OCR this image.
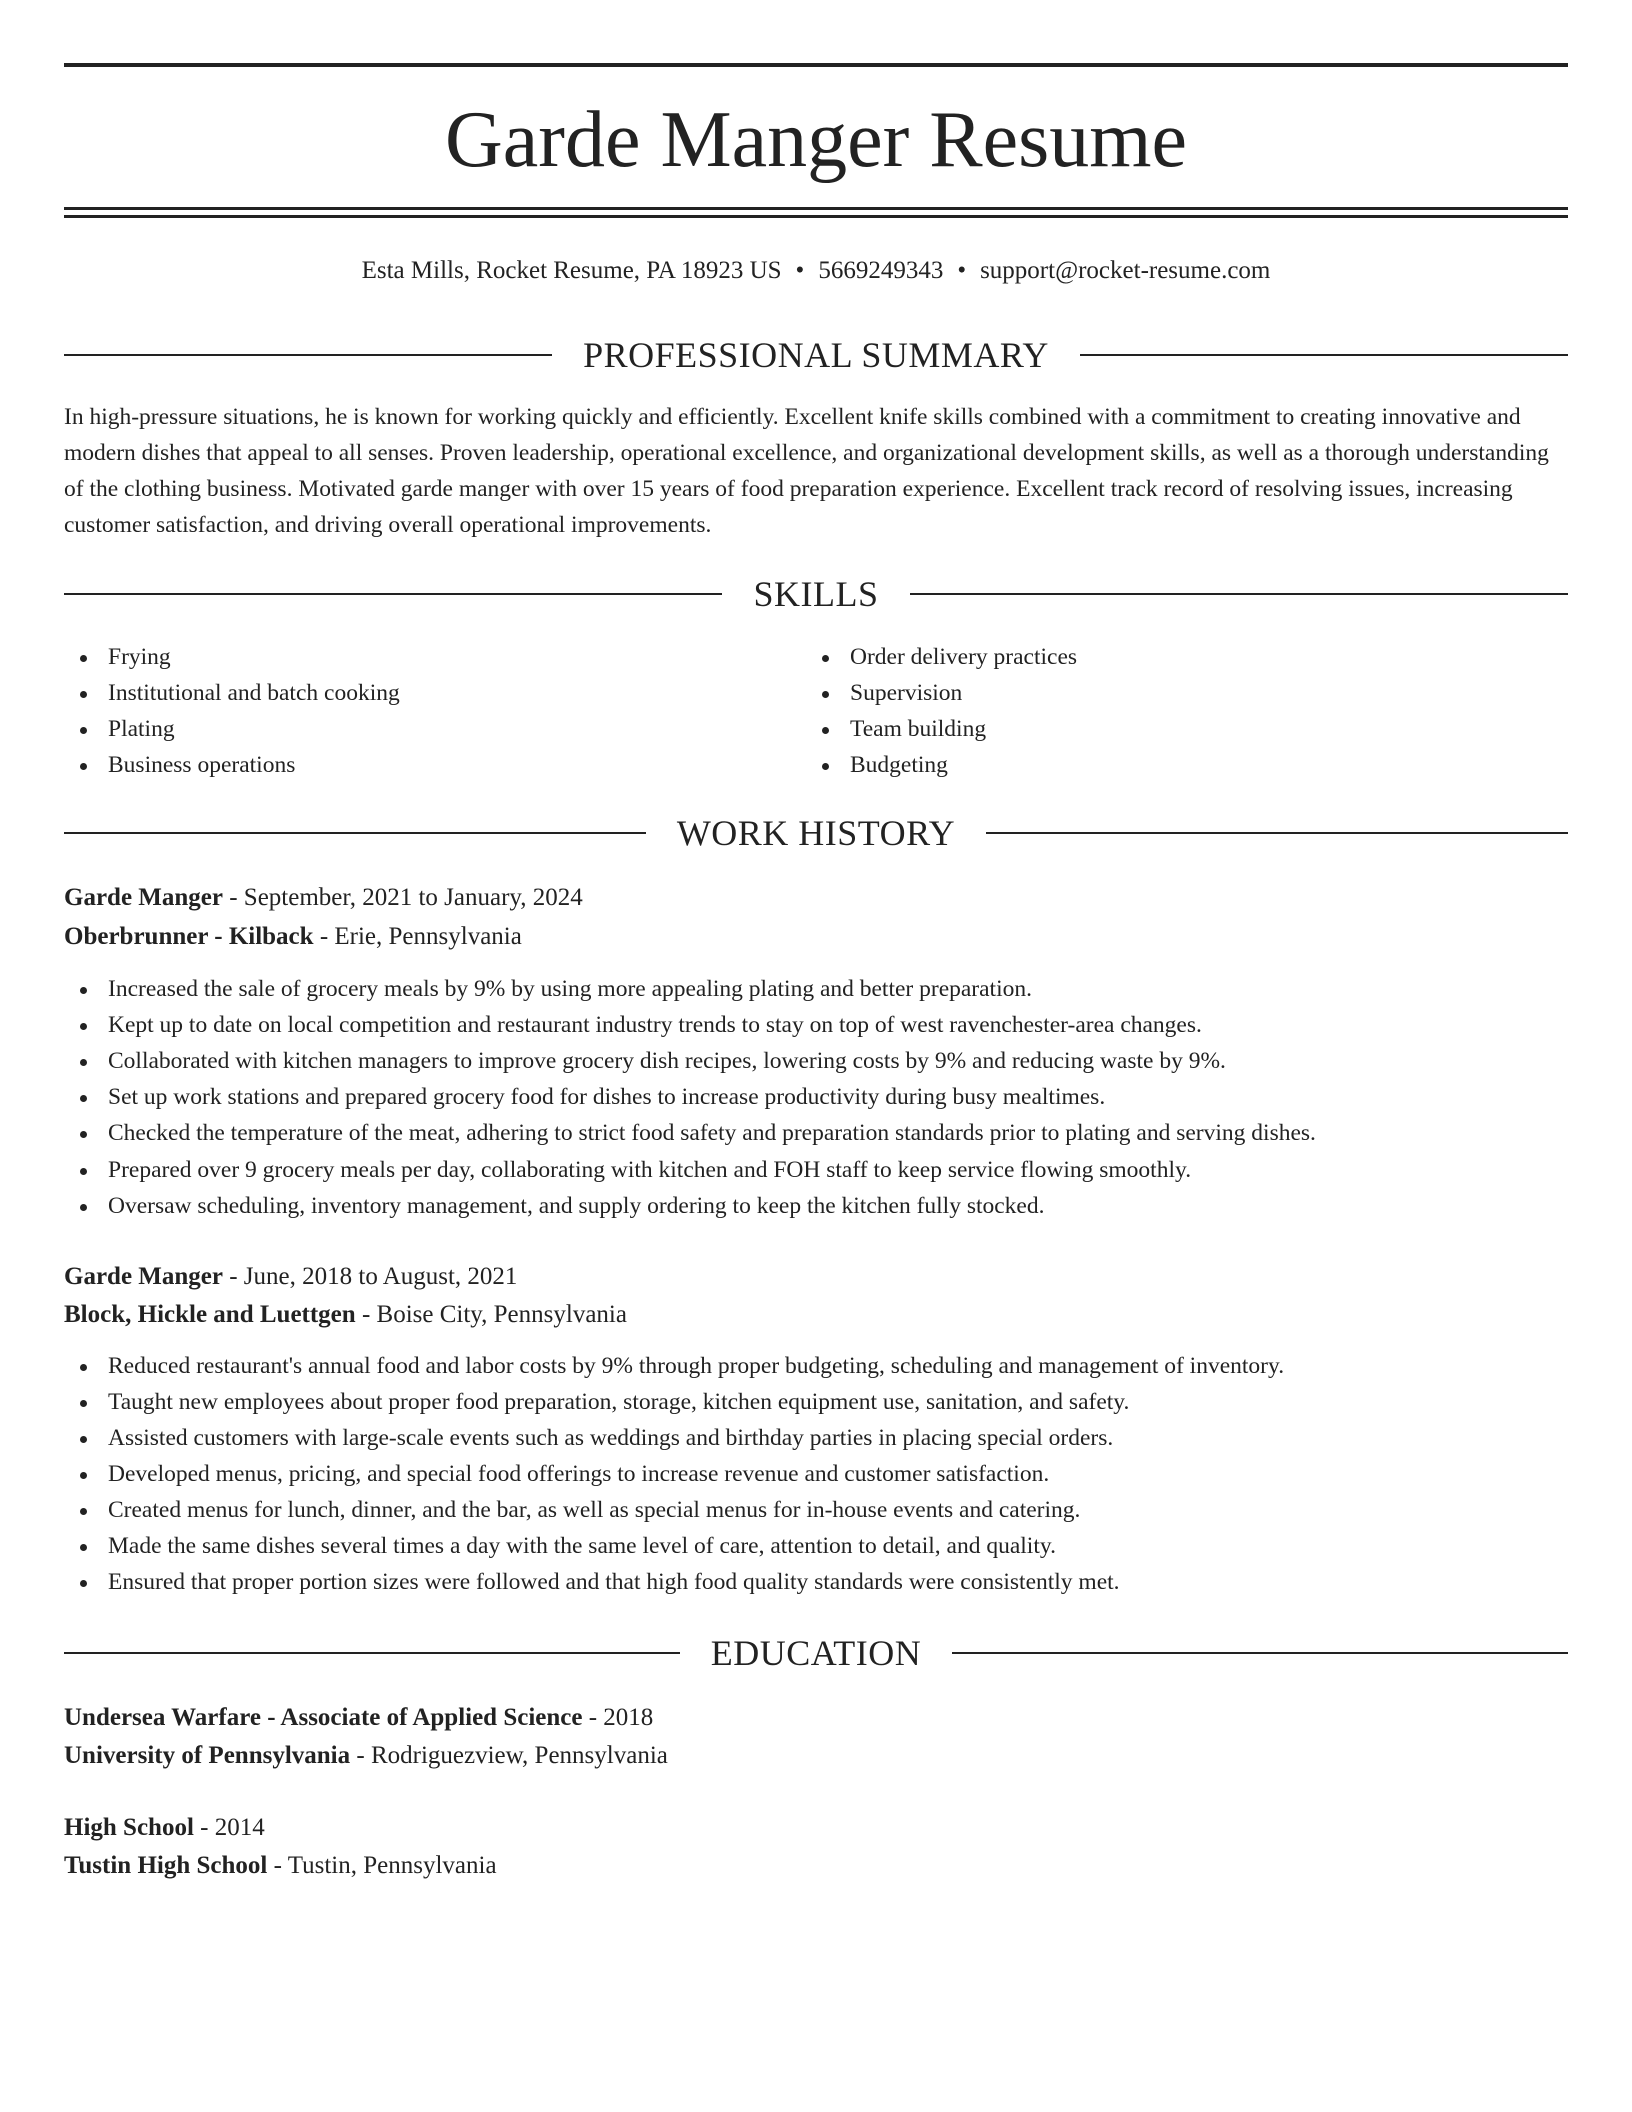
Garde Manger Resume
Esta Mills, Rocket Resume, PA 18923 US • 5669249343 • support@rocket-resume.com
PROFESSIONAL SUMMARY

In high-pressure situations, he is known for working quickly and efficiently. Excellent knife skills combined with a commitment to creating innovative and modern dishes that appeal to all senses. Proven leadership, operational excellence, and organizational development skills, as well as a thorough understanding of the clothing business. Motivated garde manger with over 15 years of food preparation experience. Excellent track record of resolving issues, increasing customer satisfaction, and driving overall operational improvements.

SKILLS
Frying
Institutional and batch cooking
Plating
Business operations
Order delivery practices
Supervision
Team building
Budgeting
WORK HISTORY
Garde Manger - September, 2021 to January, 2024
Oberbrunner - Kilback - Erie, Pennsylvania
Increased the sale of grocery meals by 9% by using more appealing plating and better preparation.
Kept up to date on local competition and restaurant industry trends to stay on top of west ravenchester-area changes.
Collaborated with kitchen managers to improve grocery dish recipes, lowering costs by 9% and reducing waste by 9%.
Set up work stations and prepared grocery food for dishes to increase productivity during busy mealtimes.
Checked the temperature of the meat, adhering to strict food safety and preparation standards prior to plating and serving dishes.
Prepared over 9 grocery meals per day, collaborating with kitchen and FOH staff to keep service flowing smoothly.
Oversaw scheduling, inventory management, and supply ordering to keep the kitchen fully stocked.
Garde Manger - June, 2018 to August, 2021
Block, Hickle and Luettgen - Boise City, Pennsylvania
Reduced restaurant's annual food and labor costs by 9% through proper budgeting, scheduling and management of inventory.
Taught new employees about proper food preparation, storage, kitchen equipment use, sanitation, and safety.
Assisted customers with large-scale events such as weddings and birthday parties in placing special orders.
Developed menus, pricing, and special food offerings to increase revenue and customer satisfaction.
Created menus for lunch, dinner, and the bar, as well as special menus for in-house events and catering.
Made the same dishes several times a day with the same level of care, attention to detail, and quality.
Ensured that proper portion sizes were followed and that high food quality standards were consistently met.
EDUCATION
Undersea Warfare - Associate of Applied Science - 2018
University of Pennsylvania - Rodriguezview, Pennsylvania
High School - 2014
Tustin High School - Tustin, Pennsylvania
